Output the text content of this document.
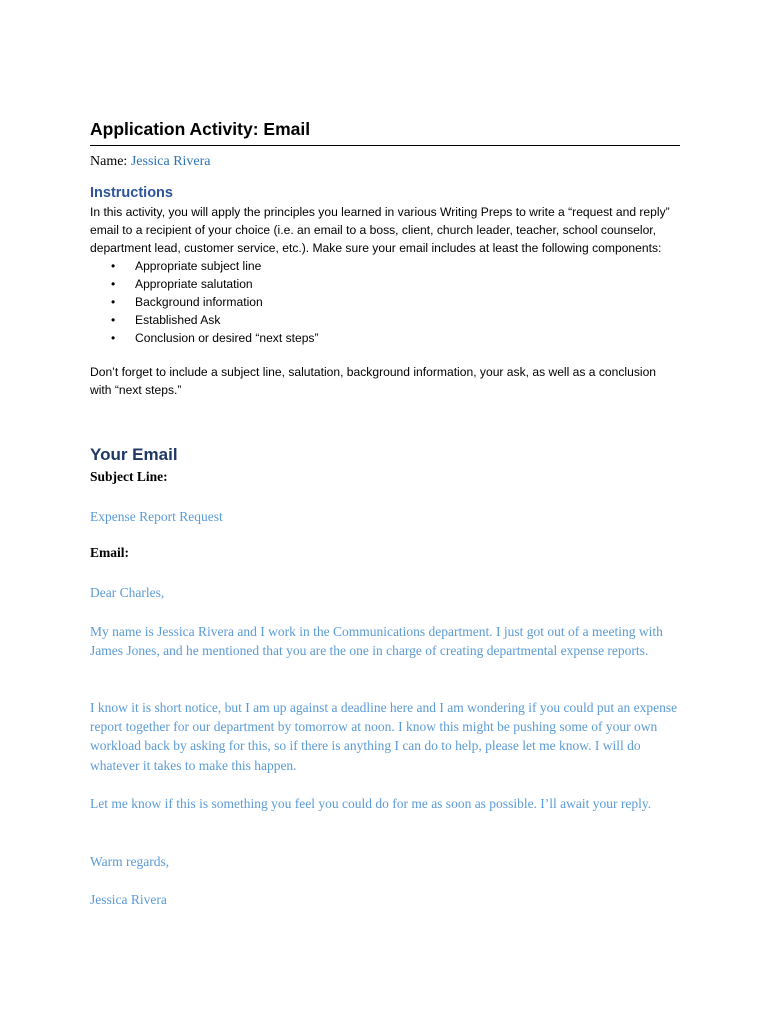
Application Activity: Email
Name: Jessica Rivera
Instructions

In this activity, you will apply the principles you learned in various Writing Preps to write a “request and reply” email to a recipient of your choice (i.e. an email to a boss, client, church leader, teacher, school counselor, department lead, customer service, etc.). Make sure your email includes at least the following components:

• Appropriate subject line
• Appropriate salutation
• Background information
• Established Ask
• Conclusion or desired “next steps”

Don’t forget to include a subject line, salutation, background information, your ask, as well as a conclusion with “next steps.”

Your Email
Subject Line:
Expense Report Request
Email:
Dear Charles,
My name is Jessica Rivera and I work in the Communications department. I just got out of a meeting with James Jones, and he mentioned that you are the one in charge of creating departmental expense reports.
I know it is short notice, but I am up against a deadline here and I am wondering if you could put an expense report together for our department by tomorrow at noon. I know this might be pushing some of your own workload back by asking for this, so if there is anything I can do to help, please let me know. I will do whatever it takes to make this happen.
Let me know if this is something you feel you could do for me as soon as possible. I’ll await your reply.
Warm regards,
Jessica Rivera
